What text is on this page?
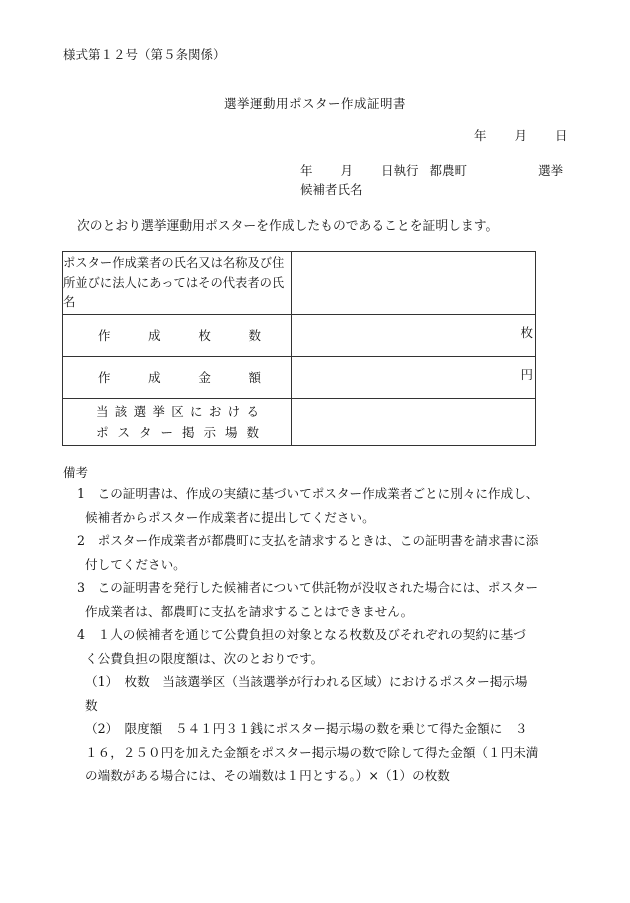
様式第１２号（第５条関係）
選挙運動用ポスター作成証明書
年 月 日
年 月 日執行 都農町	選挙
候補者氏名
次のとおり選挙運動用ポスターを作成したものであることを証明します。
ポスター作成業者の氏名又は名称及び住所並びに法人にあってはその代表者の氏名	

作成枚数	枚

作成金額	円

当該選挙区における
ポスター掲示場数	

備考
1　この証明書は、作成の実績に基づいてポスター作成業者ごとに別々に作成し、
候補者からポスター作成業者に提出してください。
2　ポスター作成業者が都農町に支払を請求するときは、この証明書を請求書に添
付してください。
3　この証明書を発行した候補者について供託物が没収された場合には、ポスター
作成業者は、都農町に支払を請求することはできません。
4　１人の候補者を通じて公費負担の対象となる枚数及びそれぞれの契約に基づ
く公費負担の限度額は、次のとおりです。
（1）　枚数　当該選挙区（当該選挙が行われる区域）におけるポスター掲示場
数
（2）　限度額　５４１円３１銭にポスター掲示場の数を乗じて得た金額に　３
１６，２５０円を加えた金額をポスター掲示場の数で除して得た金額（１円未満
の端数がある場合には、その端数は１円とする。）×（1）の枚数
